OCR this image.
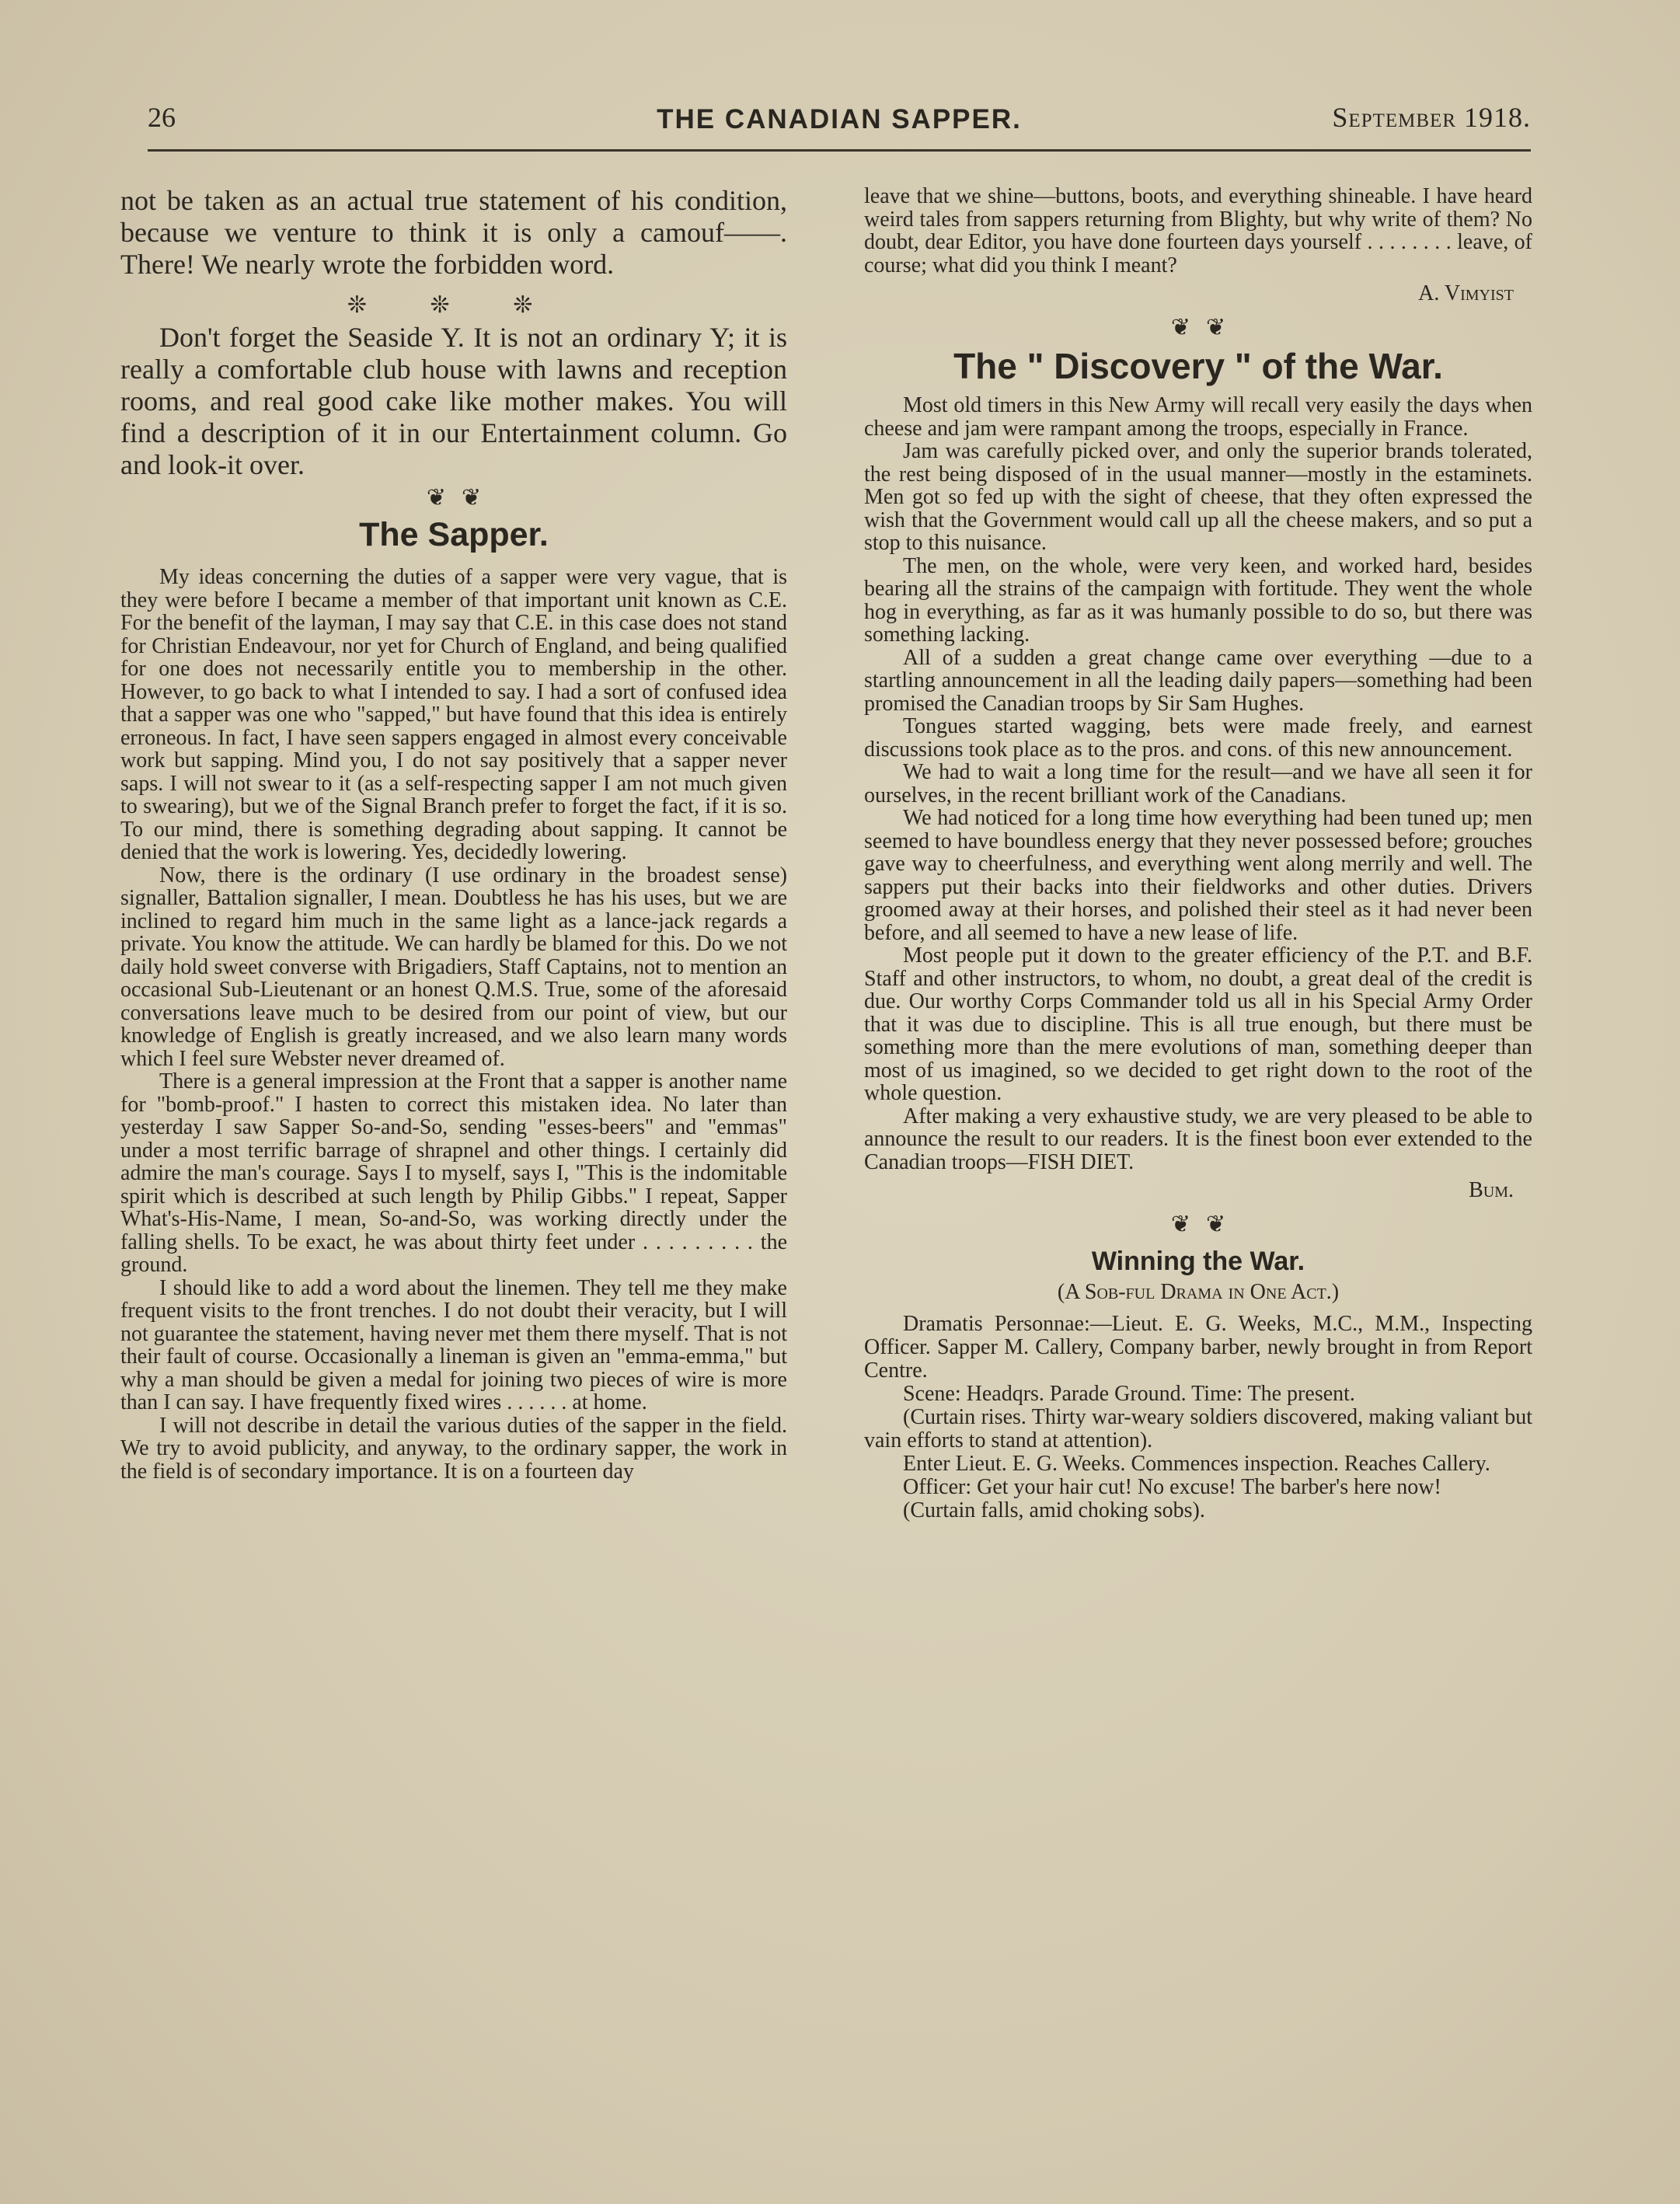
26	THE CANADIAN SAPPER.	September 1918.

not be taken as an actual true statement of his condition, because we venture to think it is only a camouf——. There! We nearly wrote the forbidden word.

❊ ❊ ❊

Don't forget the Seaside Y. It is not an ordinary Y; it is really a comfortable club house with lawns and reception rooms, and real good cake like mother makes. You will find a description of it in our Entertainment column. Go and look-it over.

❦ ❦
The Sapper.

My ideas concerning the duties of a sapper were very vague, that is they were before I became a member of that important unit known as C.E. For the benefit of the layman, I may say that C.E. in this case does not stand for Christian Endeavour, nor yet for Church of England, and being qualified for one does not necessarily entitle you to membership in the other. However, to go back to what I intended to say. I had a sort of confused idea that a sapper was one who "sapped," but have found that this idea is entirely erroneous. In fact, I have seen sappers engaged in almost every conceivable work but sapping. Mind you, I do not say positively that a sapper never saps. I will not swear to it (as a self-respecting sapper I am not much given to swearing), but we of the Signal Branch prefer to forget the fact, if it is so. To our mind, there is something degrading about sapping. It cannot be denied that the work is lowering. Yes, decidedly lowering.

Now, there is the ordinary (I use ordinary in the broadest sense) signaller, Battalion signaller, I mean. Doubtless he has his uses, but we are inclined to regard him much in the same light as a lance-jack regards a private. You know the attitude. We can hardly be blamed for this. Do we not daily hold sweet converse with Brigadiers, Staff Captains, not to mention an occasional Sub-Lieutenant or an honest Q.M.S. True, some of the aforesaid conversations leave much to be desired from our point of view, but our knowledge of English is greatly increased, and we also learn many words which I feel sure Webster never dreamed of.

There is a general impression at the Front that a sapper is another name for "bomb-proof." I hasten to correct this mistaken idea. No later than yesterday I saw Sapper So-and-So, sending "esses-beers" and "emmas" under a most terrific barrage of shrapnel and other things. I certainly did admire the man's courage. Says I to myself, says I, "This is the indomitable spirit which is described at such length by Philip Gibbs." I repeat, Sapper What's-His-Name, I mean, So-and-So, was working directly under the falling shells. To be exact, he was about thirty feet under . . . . . . . . . the ground.

I should like to add a word about the linemen. They tell me they make frequent visits to the front trenches. I do not doubt their veracity, but I will not guarantee the statement, having never met them there myself. That is not their fault of course. Occasionally a lineman is given an "emma-emma," but why a man should be given a medal for joining two pieces of wire is more than I can say. I have frequently fixed wires . . . . . . at home.

I will not describe in detail the various duties of the sapper in the field. We try to avoid publicity, and anyway, to the ordinary sapper, the work in the field is of secondary importance. It is on a fourteen day

leave that we shine—buttons, boots, and everything shineable. I have heard weird tales from sappers returning from Blighty, but why write of them? No doubt, dear Editor, you have done fourteen days yourself . . . . . . . . leave, of course; what did you think I meant?

A. Vimyist
❦ ❦
The " Discovery " of the War.

Most old timers in this New Army will recall very easily the days when cheese and jam were rampant among the troops, especially in France.

Jam was carefully picked over, and only the superior brands tolerated, the rest being disposed of in the usual manner—mostly in the estaminets. Men got so fed up with the sight of cheese, that they often expressed the wish that the Government would call up all the cheese makers, and so put a stop to this nuisance.

The men, on the whole, were very keen, and worked hard, besides bearing all the strains of the campaign with fortitude. They went the whole hog in everything, as far as it was humanly possible to do so, but there was something lacking.

All of a sudden a great change came over everything —due to a startling announcement in all the leading daily papers—something had been promised the Canadian troops by Sir Sam Hughes.

Tongues started wagging, bets were made freely, and earnest discussions took place as to the pros. and cons. of this new announcement.

We had to wait a long time for the result—and we have all seen it for ourselves, in the recent brilliant work of the Canadians.

We had noticed for a long time how everything had been tuned up; men seemed to have boundless energy that they never possessed before; grouches gave way to cheerfulness, and everything went along merrily and well. The sappers put their backs into their fieldworks and other duties. Drivers groomed away at their horses, and polished their steel as it had never been before, and all seemed to have a new lease of life.

Most people put it down to the greater efficiency of the P.T. and B.F. Staff and other instructors, to whom, no doubt, a great deal of the credit is due. Our worthy Corps Commander told us all in his Special Army Order that it was due to discipline. This is all true enough, but there must be something more than the mere evolutions of man, something deeper than most of us imagined, so we decided to get right down to the root of the whole question.

After making a very exhaustive study, we are very pleased to be able to announce the result to our readers. It is the finest boon ever extended to the Canadian troops—FISH DIET.

Bum.
❦ ❦
Winning the War.
(A Sob-ful Drama in One Act.)

Dramatis Personnae:—Lieut. E. G. Weeks, M.C., M.M., Inspecting Officer. Sapper M. Callery, Company barber, newly brought in from Report Centre.

Scene: Headqrs. Parade Ground. Time: The present.

(Curtain rises. Thirty war-weary soldiers discovered, making valiant but vain efforts to stand at attention).

Enter Lieut. E. G. Weeks. Commences inspection. Reaches Callery.

Officer: Get your hair cut! No excuse! The barber's here now!

(Curtain falls, amid choking sobs).
